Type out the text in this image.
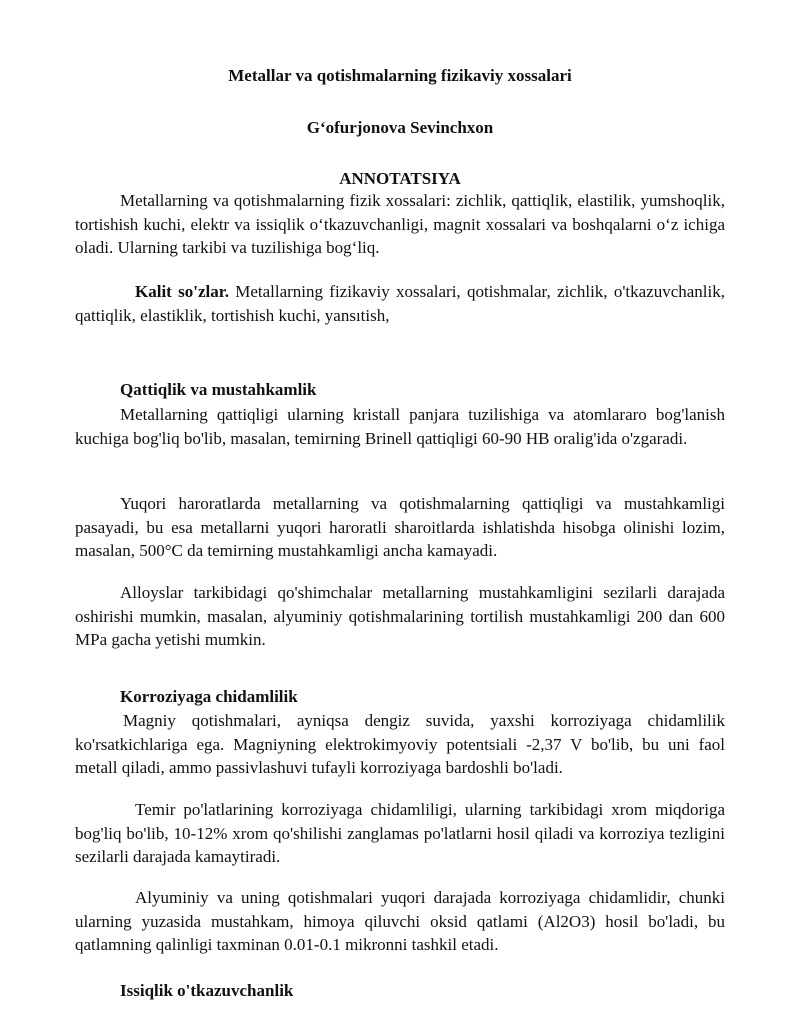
Metallar va qotishmalarning fizikaviy xossalari
G‘ofurjonova Sevinchxon
ANNOTATSIYA

Metallarning va qotishmalarning fizik xossalari: zichlik, qattiqlik, elastilik, yumshoqlik, tortishish kuchi, elektr va issiqlik o‘tkazuvchanligi, magnit xossalari va boshqalarni o‘z ichiga oladi. Ularning tarkibi va tuzilishiga bog‘liq.

Kalit so'zlar. Metallarning fizikaviy xossalari, qotishmalar, zichlik, o'tkazuvchanlik, qattiqlik, elastiklik, tortishish kuchi, yansıtish,

Qattiqlik va mustahkamlik

Metallarning qattiqligi ularning kristall panjara tuzilishiga va atomlararo bog'lanish kuchiga bog'liq bo'lib, masalan, temirning Brinell qattiqligi 60-90 HB oralig'ida o'zgaradi.

Yuqori haroratlarda metallarning va qotishmalarning qattiqligi va mustahkamligi pasayadi, bu esa metallarni yuqori haroratli sharoitlarda ishlatishda hisobga olinishi lozim, masalan, 500°C da temirning mustahkamligi ancha kamayadi.

Alloyslar tarkibidagi qo'shimchalar metallarning mustahkamligini sezilarli darajada oshirishi mumkin, masalan, alyuminiy qotishmalarining tortilish mustahkamligi 200 dan 600 MPa gacha yetishi mumkin.

Korroziyaga chidamlilik

Magniy qotishmalari, ayniqsa dengiz suvida, yaxshi korroziyaga chidamlilik ko'rsatkichlariga ega. Magniyning elektrokimyoviy potentsiali -2,37 V bo'lib, bu uni faol metall qiladi, ammo passivlashuvi tufayli korroziyaga bardoshli bo'ladi.

Temir po'latlarining korroziyaga chidamliligi, ularning tarkibidagi xrom miqdoriga bog'liq bo'lib, 10-12% xrom qo'shilishi zanglamas po'latlarni hosil qiladi va korroziya tezligini sezilarli darajada kamaytiradi.

Alyuminiy va uning qotishmalari yuqori darajada korroziyaga chidamlidir, chunki ularning yuzasida mustahkam, himoya qiluvchi oksid qatlami (Al2O3) hosil bo'ladi, bu qatlamning qalinligi taxminan 0.01-0.1 mikronni tashkil etadi.

Issiqlik o'tkazuvchanlik
